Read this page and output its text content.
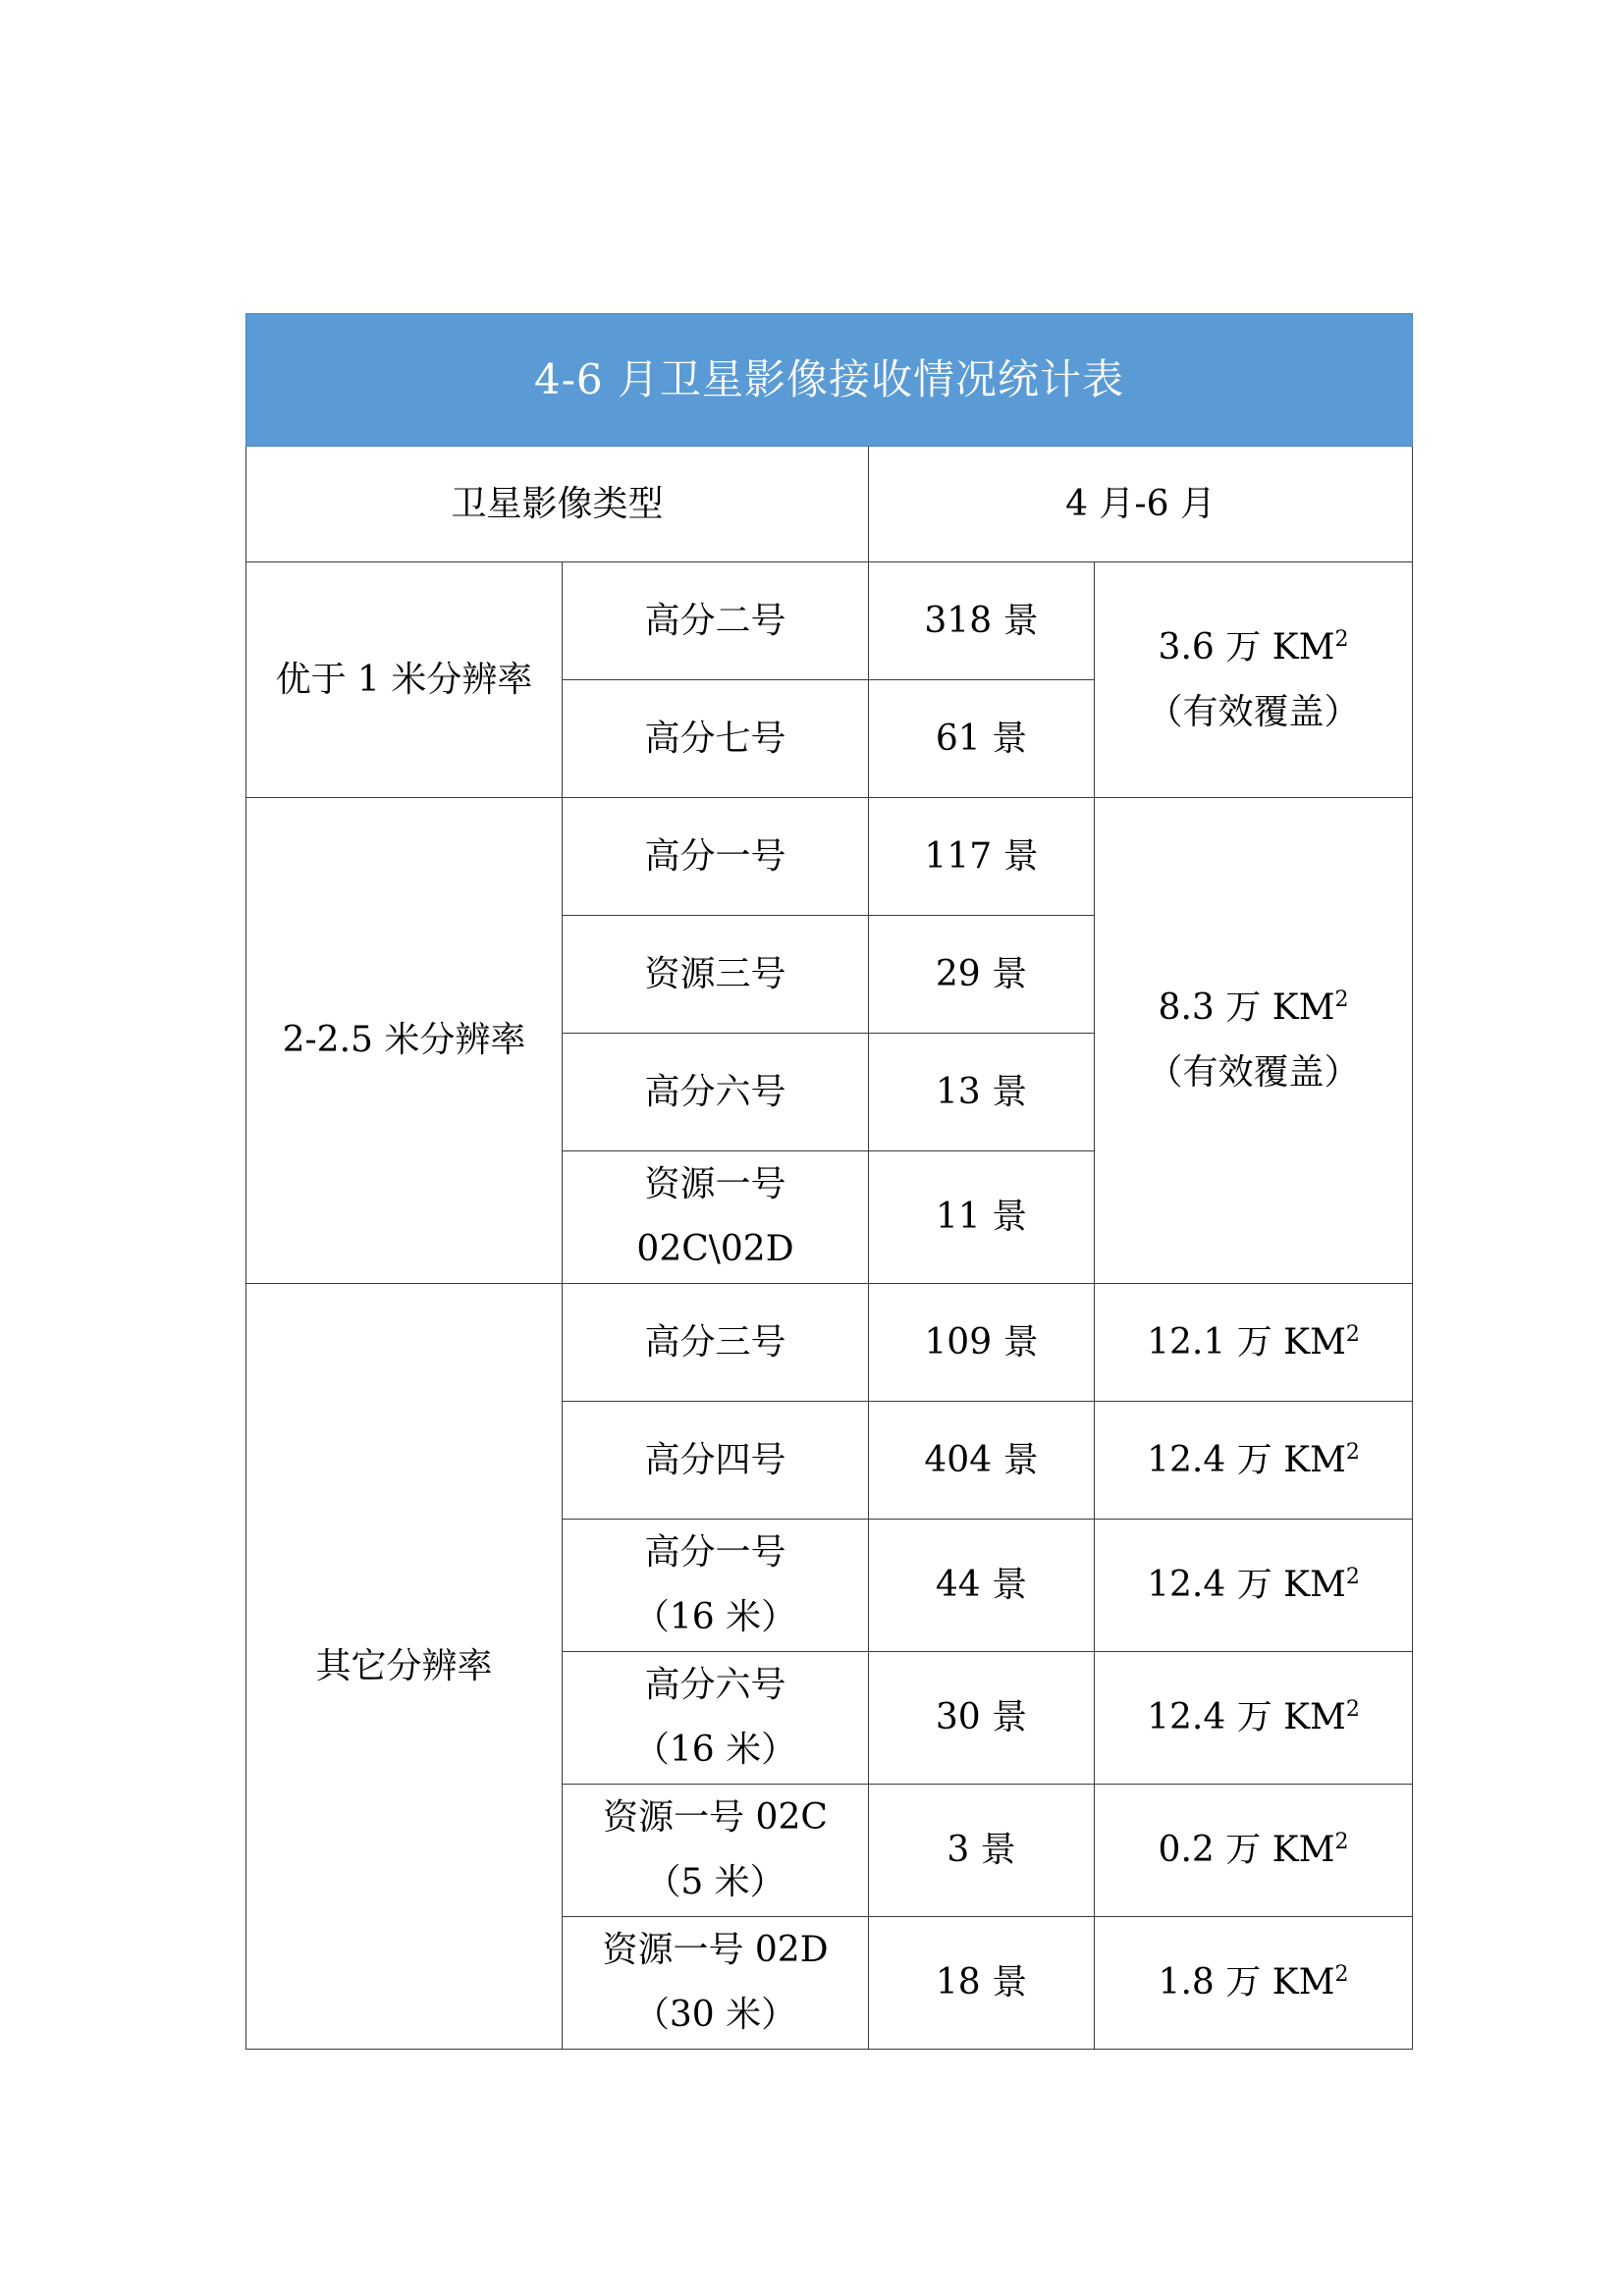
4-6 月卫星影像接收情况统计表			
卫星影像类型		4 月-6 月	
优于 1 米分辨率	高分二号	318 景	3.6 万 $KM^2$
（有效覆盖）

	高分七号	61 景	
2-2.5 米分辨率	高分一号	117 景	8.3 万 $KM^2$
（有效覆盖）

	资源三号	29 景	
	高分六号	13 景	

	资源一号
02C\02D	11 景	
其它分辨率	高分三号	109 景	12.1 万 $KM^2$
	高分四号	404 景	12.4 万 $KM^2$

	高分一号
（16 米）	44 景	12.4 万 $KM^2$

	高分六号
（16 米）	30 景	12.4 万 $KM^2$

	资源一号 02C
（5 米）	3 景	0.2 万 $KM^2$

	资源一号 02D
（30 米）	18 景	1.8 万 $KM^2$
